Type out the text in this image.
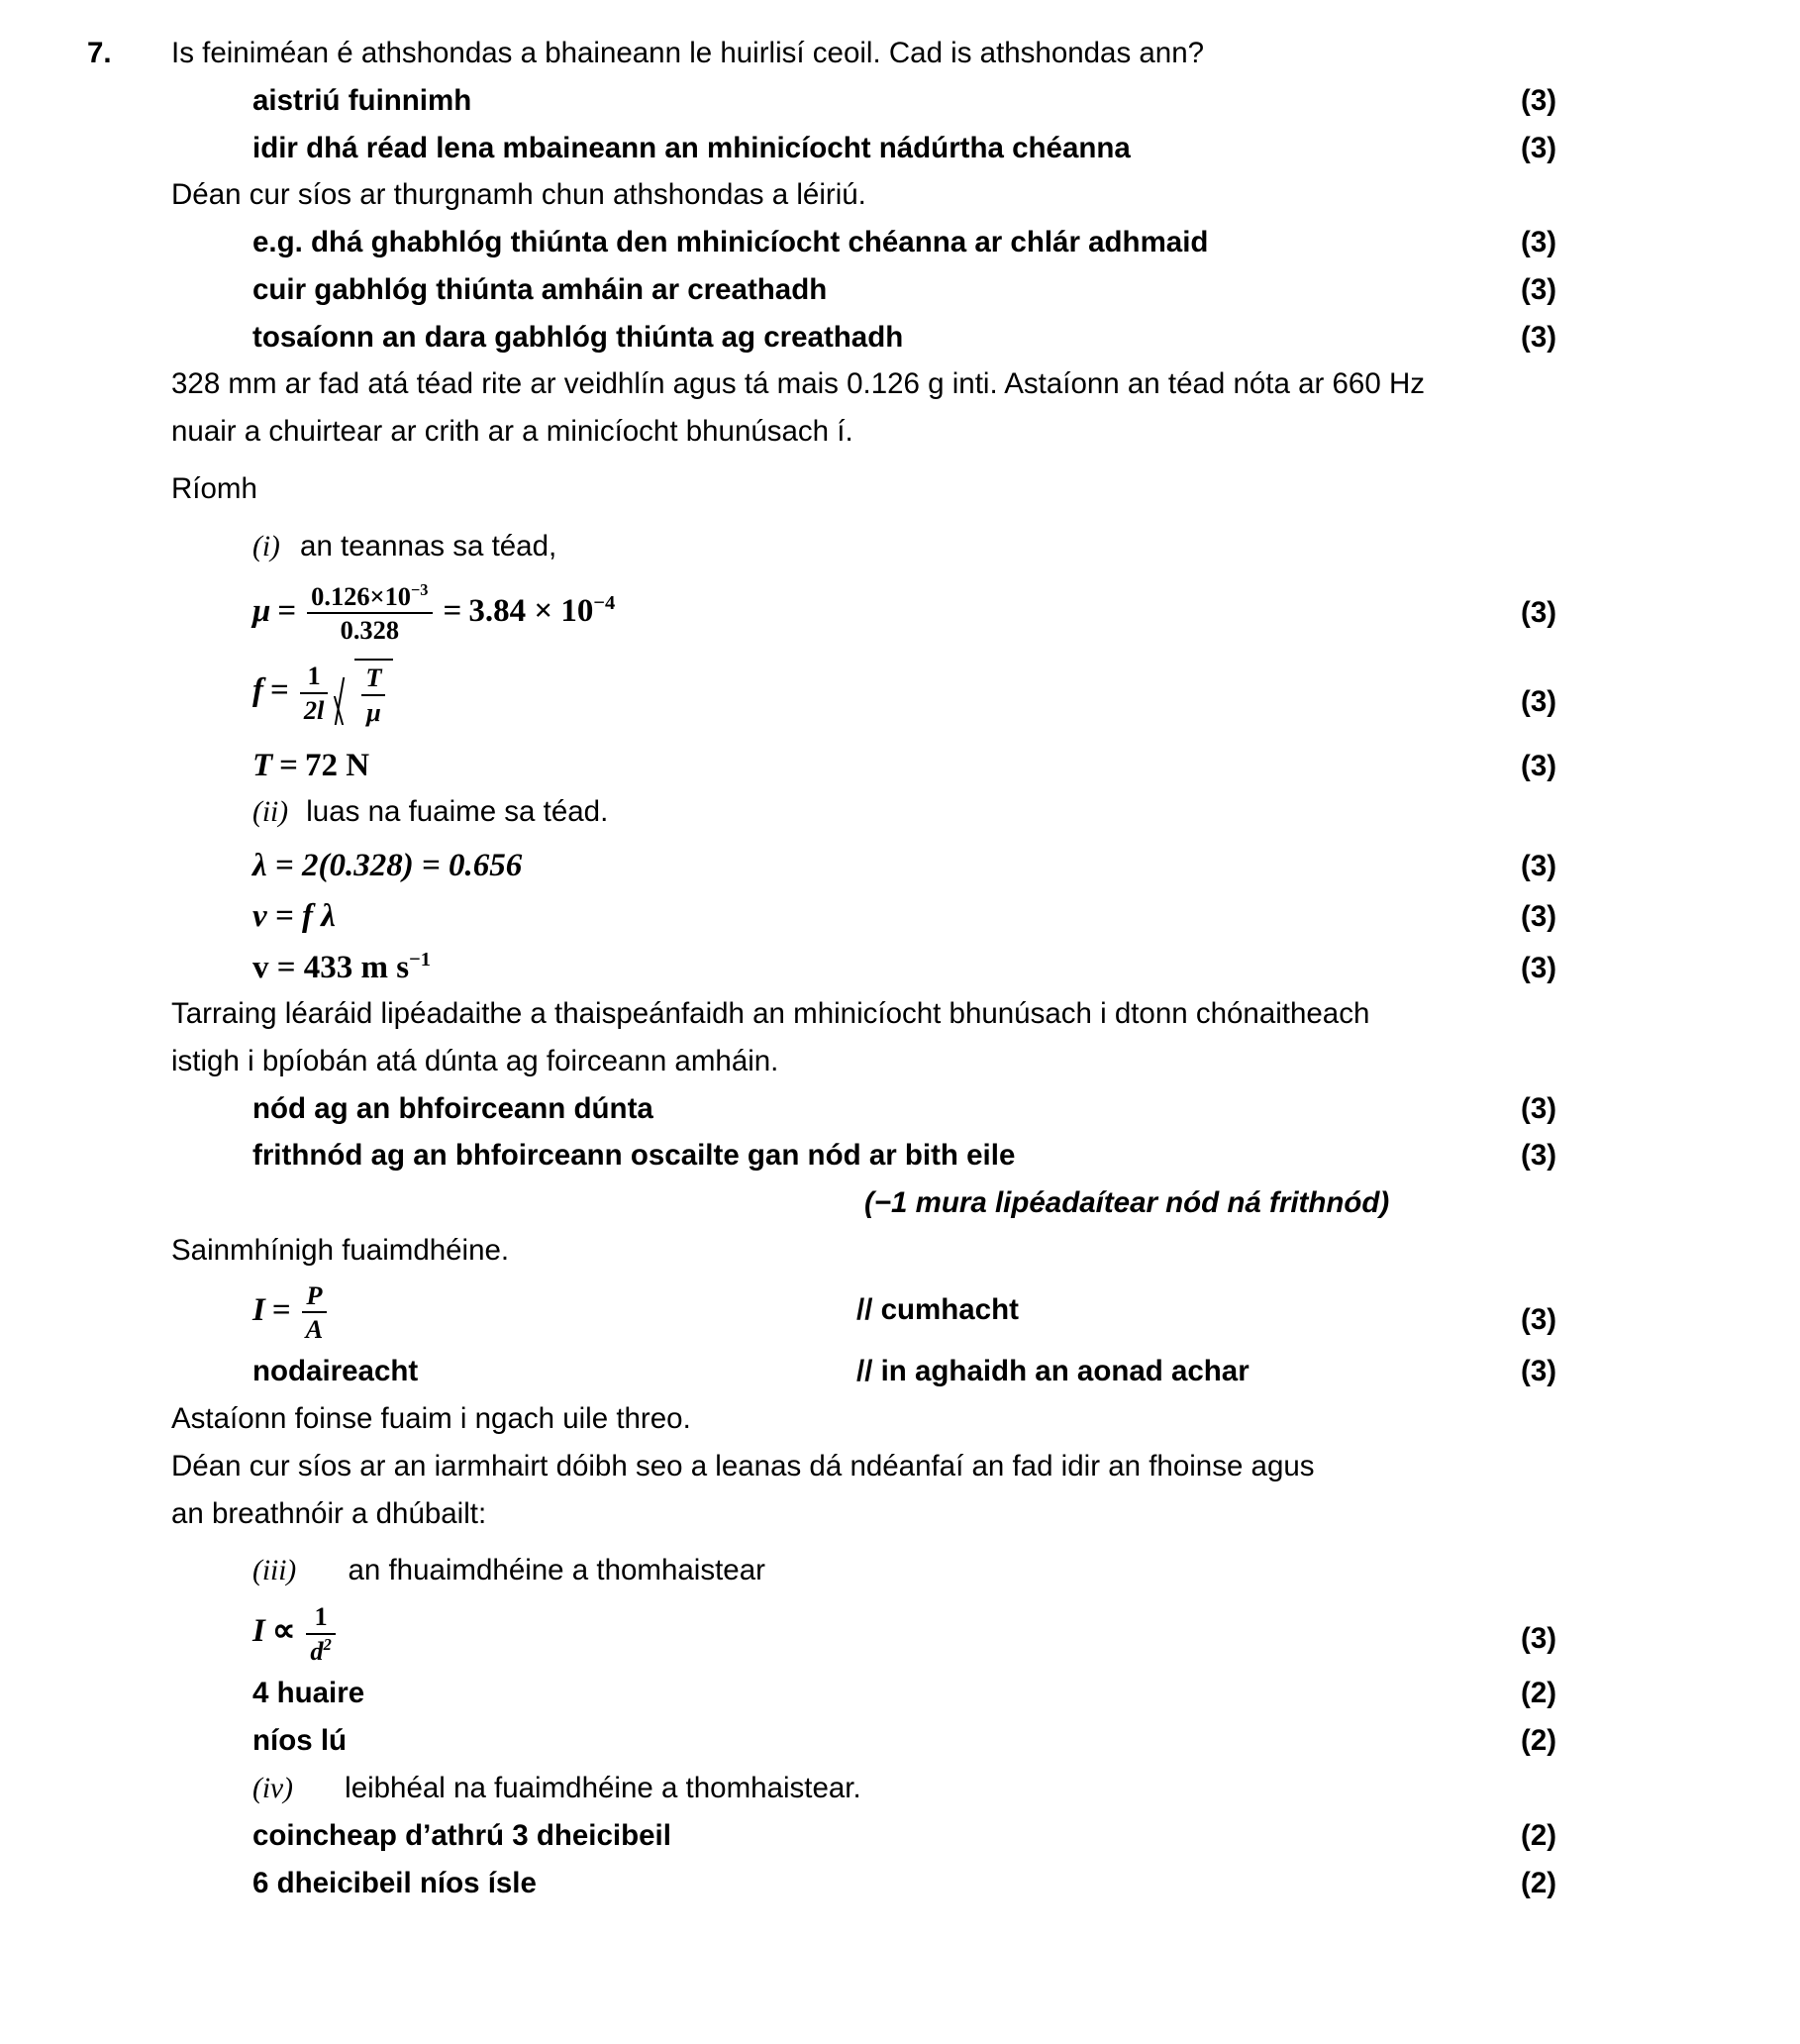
7. Is feiniméan é athshondas a bhaineann le huirlisí ceoil. Cad is athshondas ann?
aistriú fuinnimh	(3)
idir dhá réad lena mbaineann an mhinicíocht nádúrtha chéanna	(3)
Déan cur síos ar thurgnamh chun athshondas a léiriú.
e.g. dhá ghabhlóg thiúnta den mhinicíocht chéanna ar chlár adhmaid	(3)
cuir gabhlóg thiúnta amháin ar creathadh	(3)
tosaíonn an dara gabhlóg thiúnta ag creathadh	(3)
328 mm ar fad atá téad rite ar veidhlín agus tá mais 0.126 g inti. Astaíonn an téad nóta ar 660 Hz
nuair a chuirtear ar crith ar a minicíocht bhunúsach í.
Ríomh
(i) an teannas sa téad,
$\mu = \frac{0.126\times 10^{-3}}{0.328} = 3.84 \times 10^{-4}$	(3)
$f = \frac{1}{2l} \frac{T}{\mu}$	(3)
T = 72 N	(3)
(ii) luas na fuaime sa téad.
λ = 2(0.328) = 0.656	(3)
v = f λ	(3)
v = 433 m $s^{-1}$	(3)
Tarraing léaráid lipéadaithe a thaispeánfaidh an mhinicíocht bhunúsach i dtonn chónaitheach
istigh i bpíobán atá dúnta ag foirceann amháin.
nód ag an bhfoirceann dúnta	(3)
frithnód ag an bhfoirceann oscailte gan nód ar bith eile	(3)
(−1 mura lipéadaítear nód ná frithnód)
Sainmhínigh fuaimdhéine.
$I = \frac{P}{A}$	// cumhacht	(3)
nodaireacht	// in aghaidh an aonad achar	(3)
Astaíonn foinse fuaim i ngach uile threo.
Déan cur síos ar an iarmhairt dóibh seo a leanas dá ndéanfaí an fad idir an fhoinse agus
an breathnóir a dhúbailt:
(iii) an fhuaimdhéine a thomhaistear
$I \propto \frac{1}{d^2}$	(3)
4 huaire	(2)
níos lú	(2)
(iv) leibhéal na fuaimdhéine a thomhaistear.
coincheap d’athrú 3 dheicibeil	(2)
6 dheicibeil níos ísle	(2)
